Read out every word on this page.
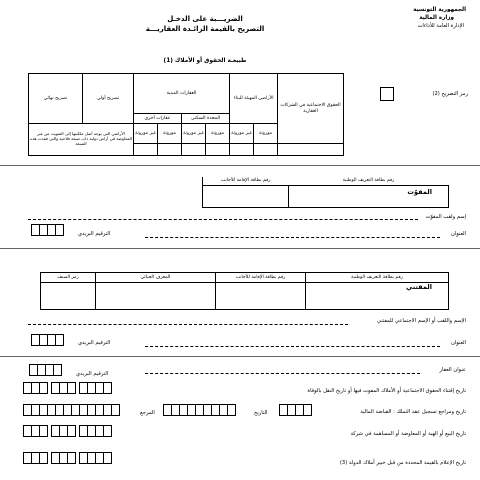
الجمهورية التونسية
وزارة المالية
الإدارة العامة للأداءات
الضريـــبة على الدخـل
التصريح بالقيمة الزائـدة العقاريـــة
طبيعـة الحقوق أو الأملاك (1)
رمز التصريح (2)
تصريح نهائي	تصريح أولي	العقارات المبنية				الأراضي المهيئة للبناء		الحقوق الاجتماعية في الشركات العقارية
		عقارات أخرى		المحدة السكنى				
الأراضي التي يوجه أصل ملكيتها إلى التفويت من غير المعاوضة في أراض دولية ذات صبغة فلاحية والتي فقدت هذه الصبغة		غير موروثة	موروثة	غير موروثة	موروثة	غير موروثة	موروثة	

المفوّت
رقم بطاقة الإقامة للأجانب	رقم بطاقة التعريف الوطنية

إسم ولقب المفوّت
الترقيم البريدي	العنوان
المفتني
رمز الصنف	المعرف الجبائي	رقم بطاقة الإقامة للأجانب	رقم بطاقة التعريف الوطنية

الإسم واللقب أو الإسم الاجتماعي للمفتني
الترقيم البريدي	العنوان
عنوان العقار
الترقيم البريدي
تاريخ إقتناء الحقوق الاجتماعية أو الأملاك المفوت فيها أو تاريخ النقل بالوفاة
تاريخ ومراجع تسجيل عقد التملك : القباضة المالية
التاريخ
المرجع
تاريخ البيع أو الهبة أو المعاوضة أو المساهمة في شركة
تاريخ الإعلام بالقيمة المحددة من قبل خبير أملاك الدولة (3)
